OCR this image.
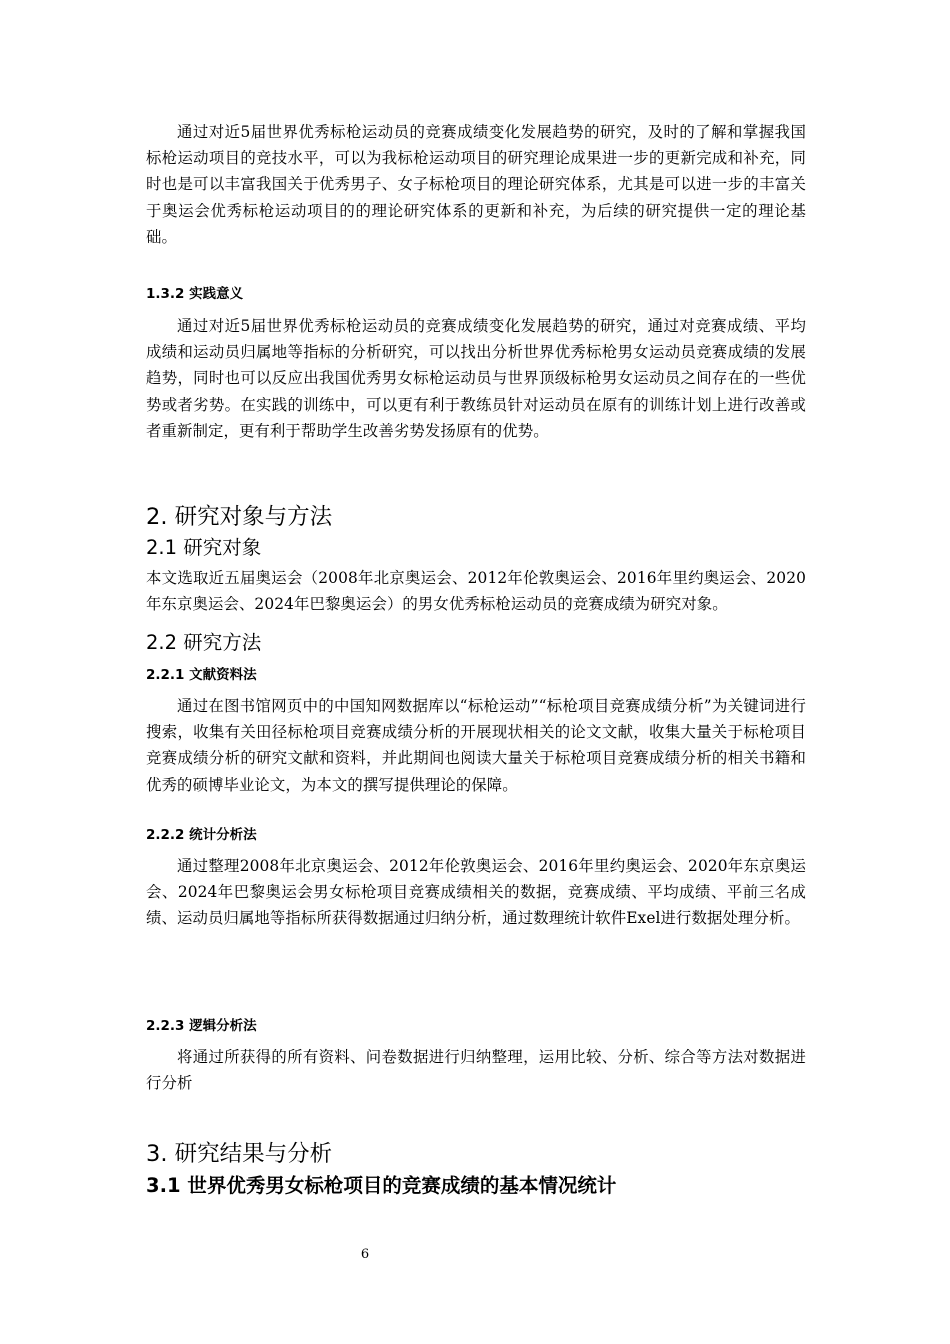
通过对近5届世界优秀标枪运动员的竞赛成绩变化发展趋势的研究，及时的了解和掌握我国标枪运动项目的竞技水平，可以为我标枪运动项目的研究理论成果进一步的更新完成和补充，同时也是可以丰富我国关于优秀男子、女子标枪项目的理论研究体系，尤其是可以进一步的丰富关于奥运会优秀标枪运动项目的的理论研究体系的更新和补充，为后续的研究提供一定的理论基础。

1.3.2 实践意义

通过对近5届世界优秀标枪运动员的竞赛成绩变化发展趋势的研究，通过对竞赛成绩、平均成绩和运动员归属地等指标的分析研究，可以找出分析世界优秀标枪男女运动员竞赛成绩的发展趋势，同时也可以反应出我国优秀男女标枪运动员与世界顶级标枪男女运动员之间存在的一些优势或者劣势。在实践的训练中，可以更有利于教练员针对运动员在原有的训练计划上进行改善或者重新制定，更有利于帮助学生改善劣势发扬原有的优势。

2. 研究对象与方法
2.1 研究对象

本文选取近五届奥运会（2008年北京奥运会、2012年伦敦奥运会、2016年里约奥运会、2020年东京奥运会、2024年巴黎奥运会）的男女优秀标枪运动员的竞赛成绩为研究对象。

2.2 研究方法
2.2.1 文献资料法

通过在图书馆网页中的中国知网数据库以“标枪运动”“标枪项目竞赛成绩分析”为关键词进行搜索，收集有关田径标枪项目竞赛成绩分析的开展现状相关的论文文献，收集大量关于标枪项目竞赛成绩分析的研究文献和资料，并此期间也阅读大量关于标枪项目竞赛成绩分析的相关书籍和优秀的硕博毕业论文，为本文的撰写提供理论的保障。

2.2.2 统计分析法

通过整理2008年北京奥运会、2012年伦敦奥运会、2016年里约奥运会、2020年东京奥运会、2024年巴黎奥运会男女标枪项目竞赛成绩相关的数据，竞赛成绩、平均成绩、平前三名成绩、运动员归属地等指标所获得数据通过归纳分析，通过数理统计软件Exel进行数据处理分析。

2.2.3 逻辑分析法

将通过所获得的所有资料、问卷数据进行归纳整理，运用比较、分析、综合等方法对数据进行分析

3. 研究结果与分析
3.1 世界优秀男女标枪项目的竞赛成绩的基本情况统计
6
